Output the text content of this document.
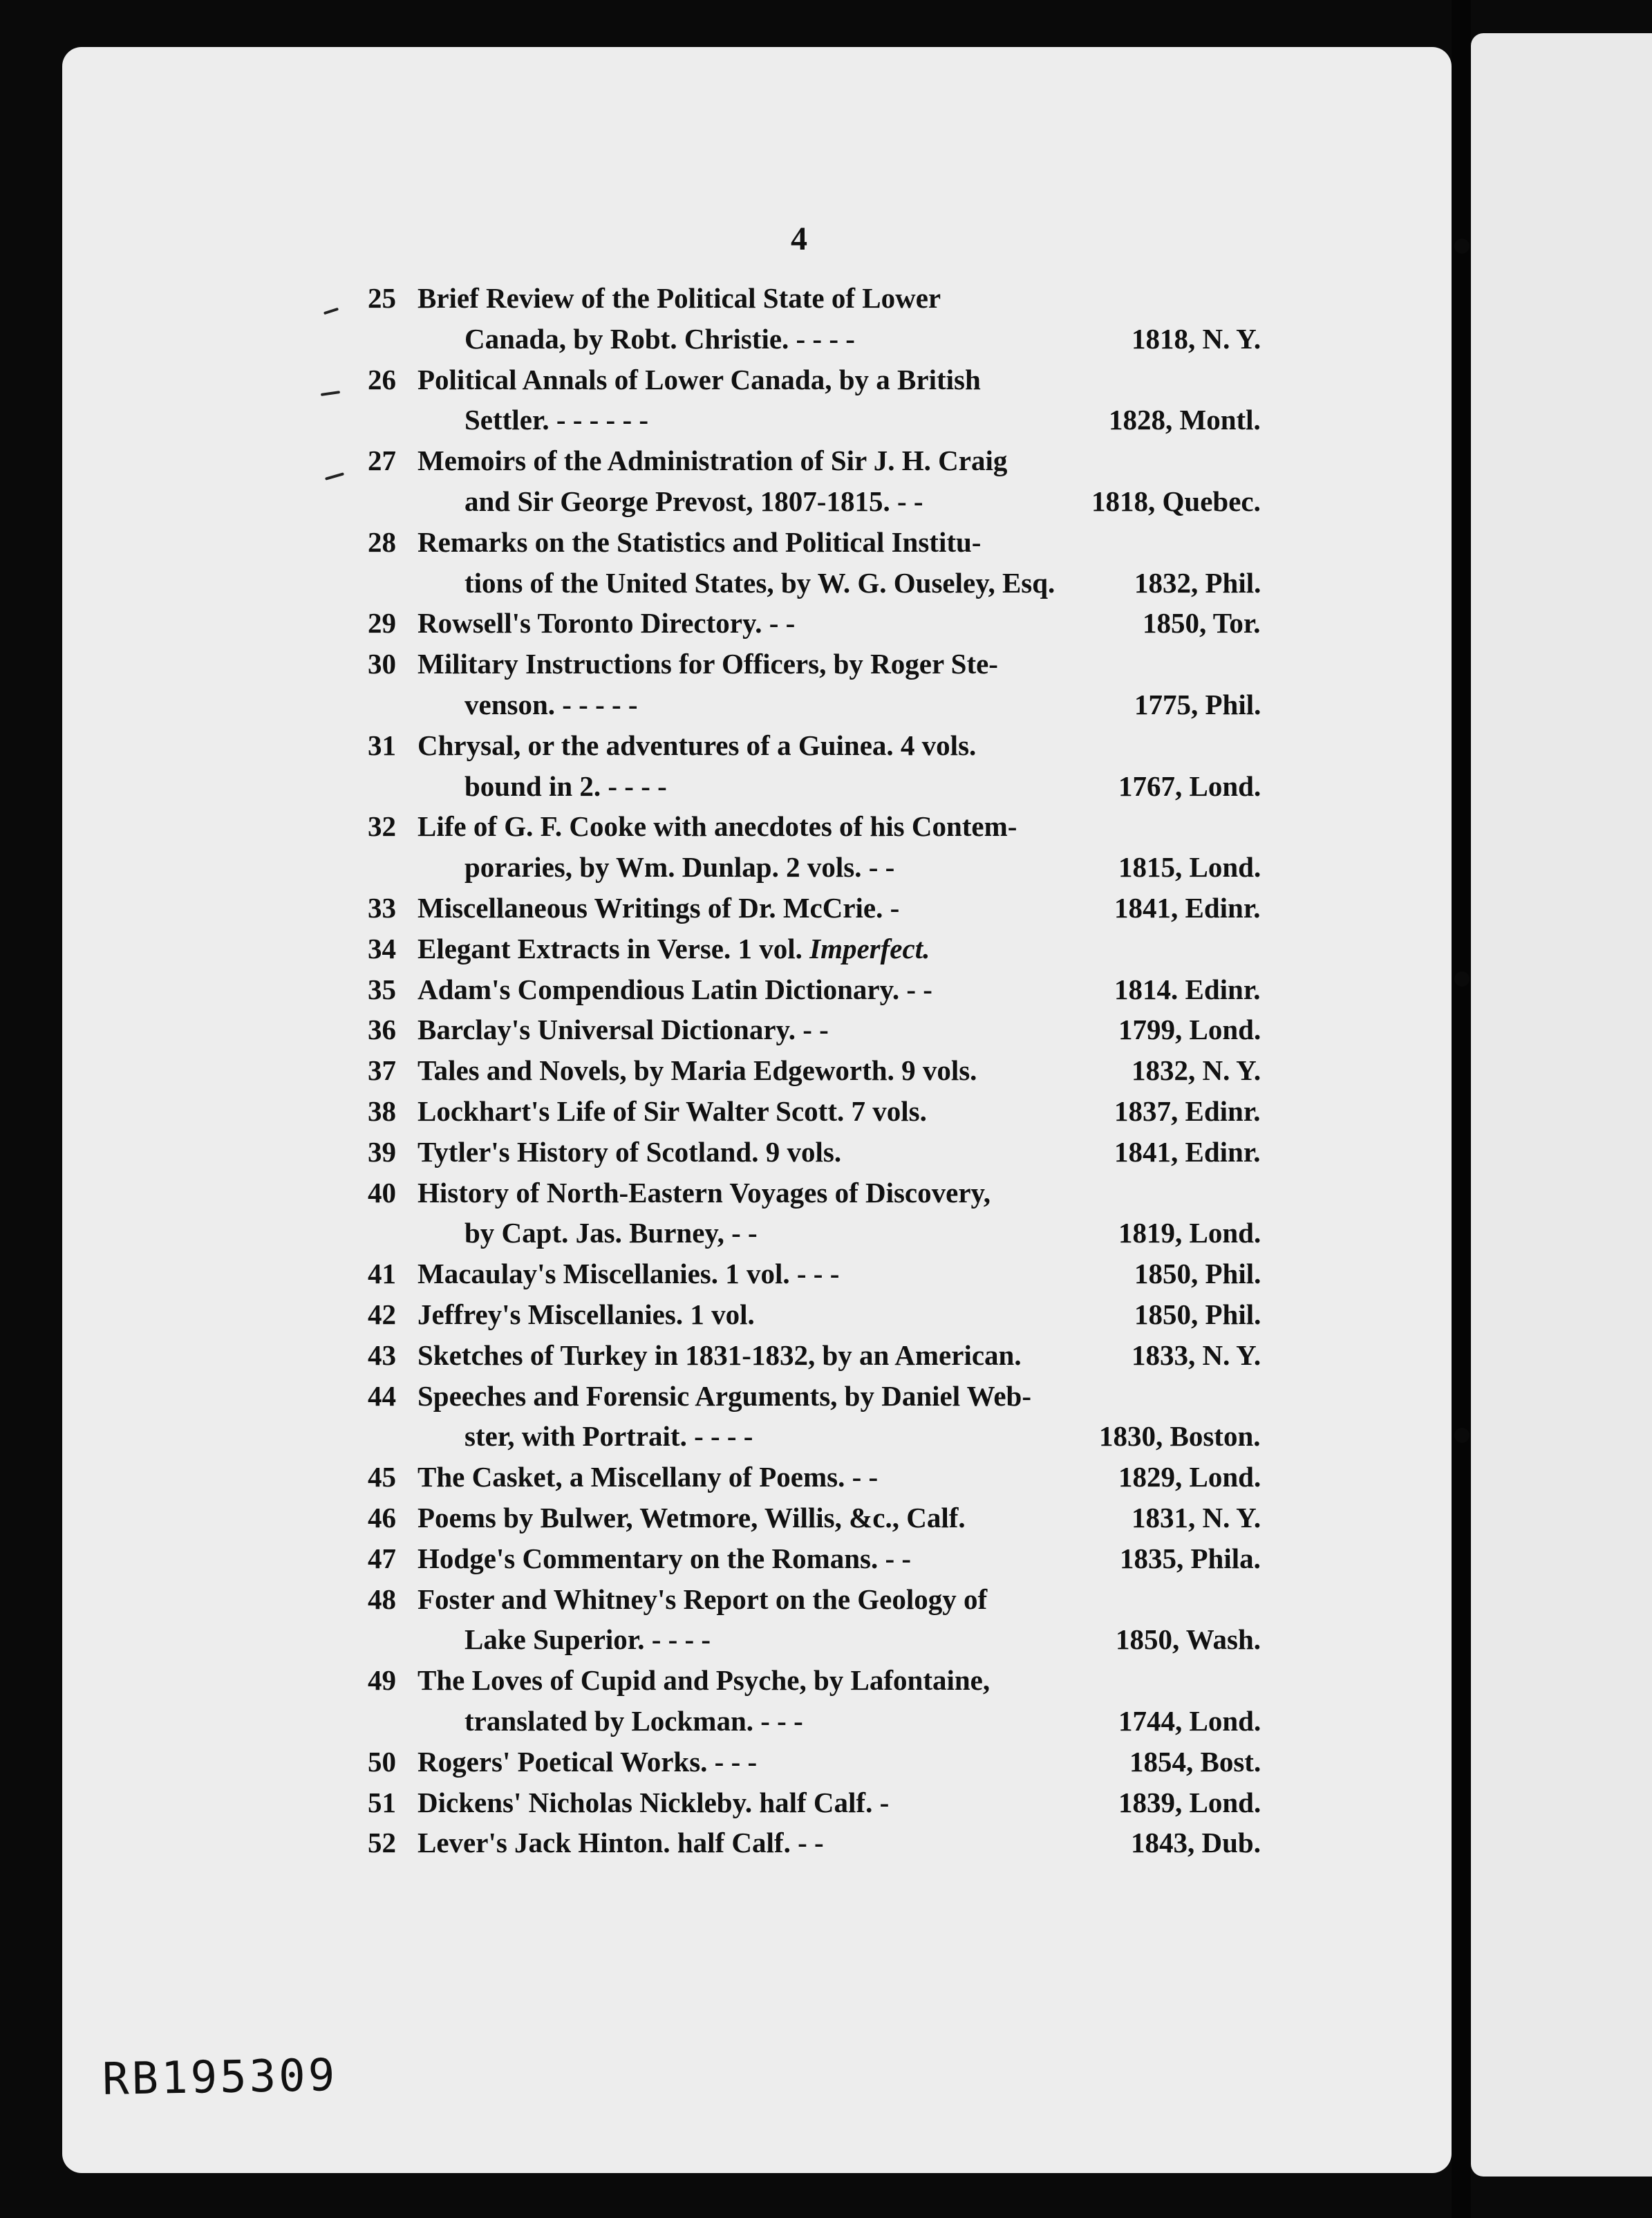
4
25 Brief Review of the Political State of Lower
Canada, by Robt. Christie. - - - -	1818, N. Y.
26 Political Annals of Lower Canada, by a British
Settler. - - - - - -	1828, Montl.
27 Memoirs of the Administration of Sir J. H. Craig
and Sir George Prevost, 1807-1815. - -	1818, Quebec.
28 Remarks on the Statistics and Political Institu-
tions of the United States, by W. G. Ouseley, Esq.	1832, Phil.
29 Rowsell's Toronto Directory. - -	1850, Tor.
30 Military Instructions for Officers, by Roger Ste-
venson. - - - - -	1775, Phil.
31 Chrysal, or the adventures of a Guinea. 4 vols.
bound in 2. - - - -	1767, Lond.
32 Life of G. F. Cooke with anecdotes of his Contem-
poraries, by Wm. Dunlap. 2 vols. - -	1815, Lond.
33 Miscellaneous Writings of Dr. McCrie. -	1841, Edinr.
34 Elegant Extracts in Verse. 1 vol. Imperfect.
35 Adam's Compendious Latin Dictionary. - -	1814. Edinr.
36 Barclay's Universal Dictionary. - -	1799, Lond.
37 Tales and Novels, by Maria Edgeworth. 9 vols.	1832, N. Y.
38 Lockhart's Life of Sir Walter Scott. 7 vols.	1837, Edinr.
39 Tytler's History of Scotland. 9 vols.	1841, Edinr.
40 History of North-Eastern Voyages of Discovery,
by Capt. Jas. Burney, - -	1819, Lond.
41 Macaulay's Miscellanies. 1 vol. - - -	1850, Phil.
42 Jeffrey's Miscellanies. 1 vol.	1850, Phil.
43 Sketches of Turkey in 1831-1832, by an American.	1833, N. Y.
44 Speeches and Forensic Arguments, by Daniel Web-
ster, with Portrait. - - - -	1830, Boston.
45 The Casket, a Miscellany of Poems. - -	1829, Lond.
46 Poems by Bulwer, Wetmore, Willis, &c., Calf.	1831, N. Y.
47 Hodge's Commentary on the Romans. - -	1835, Phila.
48 Foster and Whitney's Report on the Geology of
Lake Superior. - - - -	1850, Wash.
49 The Loves of Cupid and Psyche, by Lafontaine,
translated by Lockman. - - -	1744, Lond.
50 Rogers' Poetical Works. - - -	1854, Bost.
51 Dickens' Nicholas Nickleby. half Calf. -	1839, Lond.
52 Lever's Jack Hinton. half Calf. - -	1843, Dub.
RB195309
